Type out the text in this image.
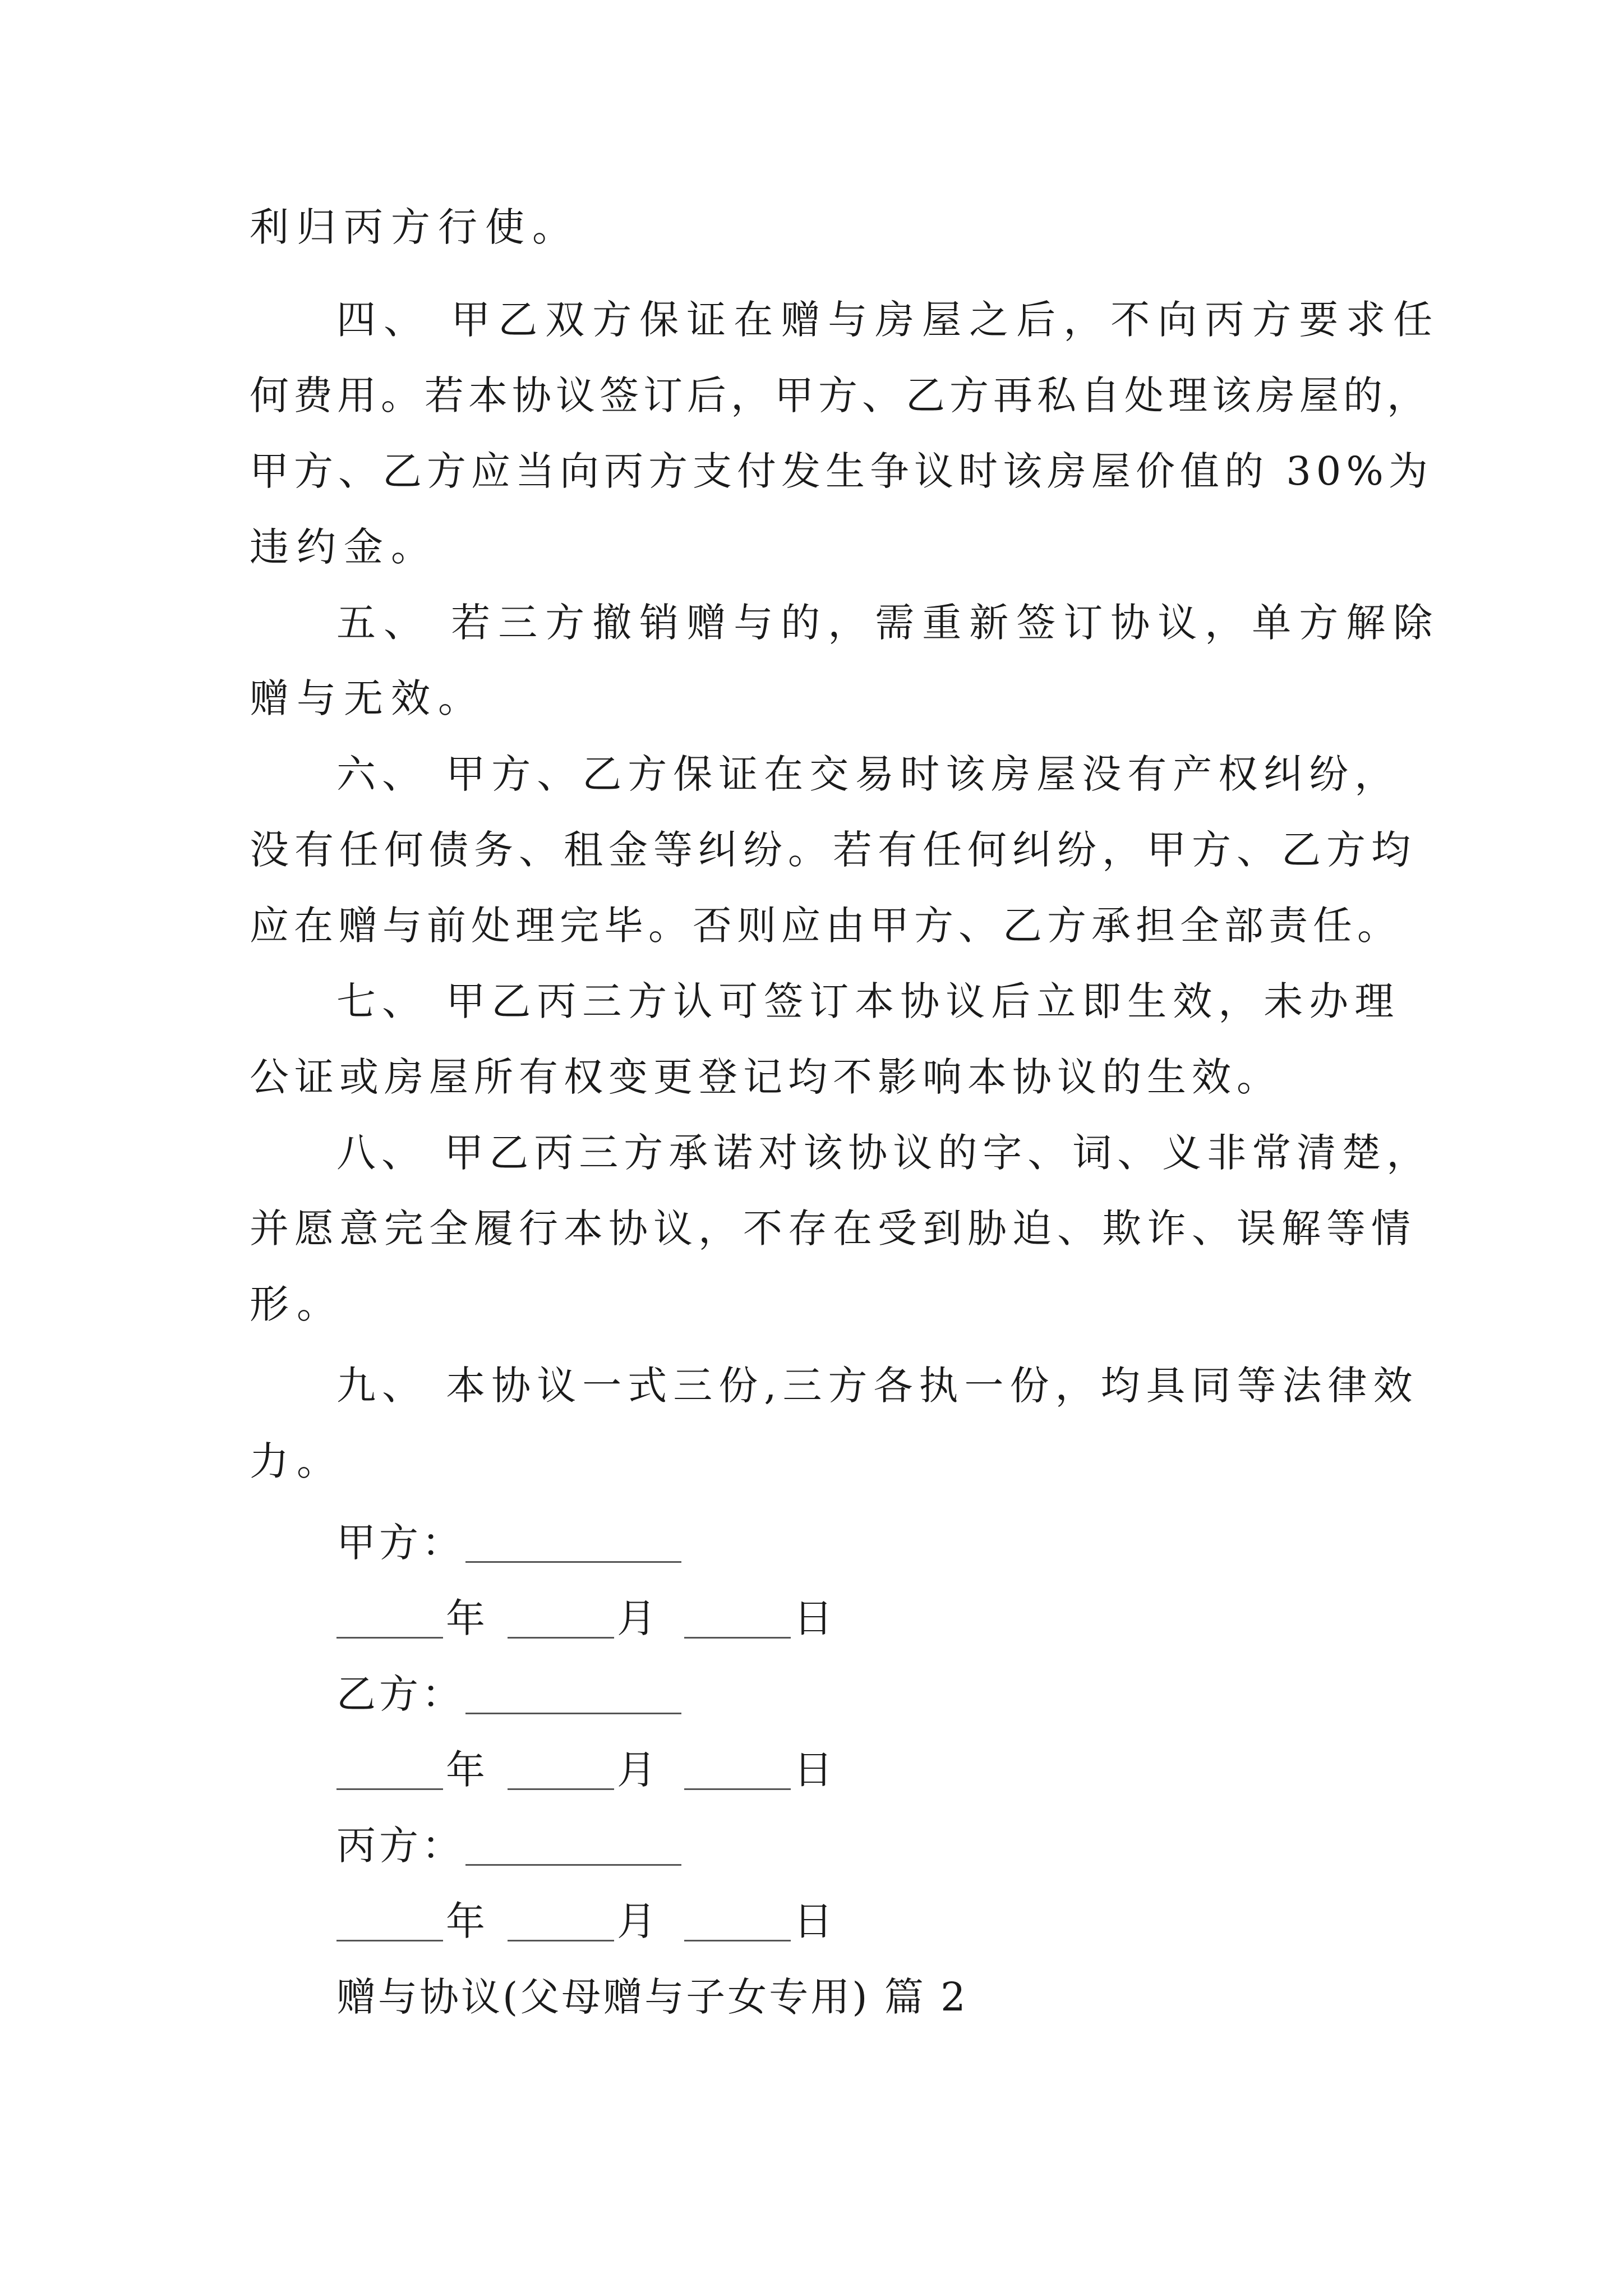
利归丙方行使。
四、 甲乙双方保证在赠与房屋之后，不向丙方要求任
何费用。若本协议签订后，甲方、乙方再私自处理该房屋的，
甲方、乙方应当向丙方支付发生争议时该房屋价值的 30%为
违约金。
五、 若三方撤销赠与的，需重新签订协议，单方解除
赠与无效。
六、 甲方、乙方保证在交易时该房屋没有产权纠纷，
没有任何债务、租金等纠纷。若有任何纠纷，甲方、乙方均
应在赠与前处理完毕。否则应由甲方、乙方承担全部责任。
七、 甲乙丙三方认可签订本协议后立即生效，未办理
公证或房屋所有权变更登记均不影响本协议的生效。
八、 甲乙丙三方承诺对该协议的字、词、义非常清楚，
并愿意完全履行本协议，不存在受到胁迫、欺诈、误解等情
形。
九、 本协议一式三份,三方各执一份，均具同等法律效
力。
甲方：
年	月	日
乙方：
年	月	日
丙方：
年	月	日
赠与协议(父母赠与子女专用) 篇 2
